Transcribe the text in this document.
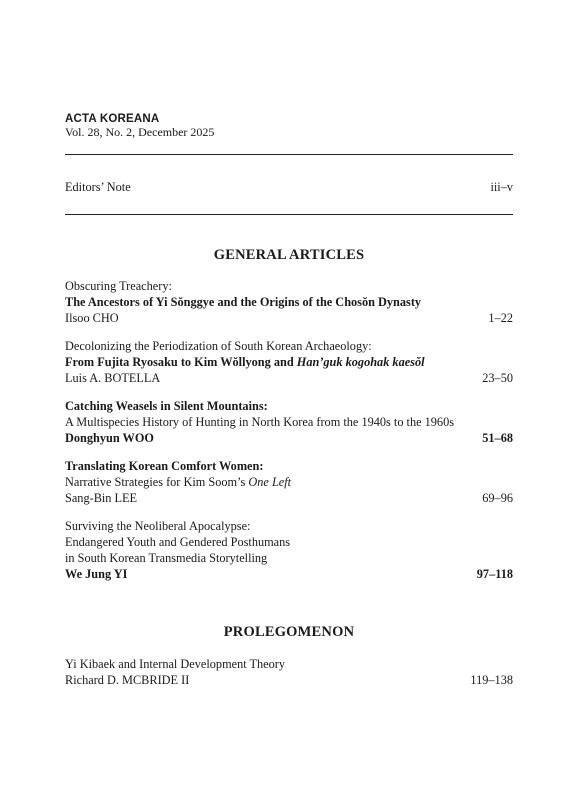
ACTA KOREANA
Vol. 28, No. 2, December 2025
Editors’ Note	iii–v
GENERAL ARTICLES
Obscuring Treachery:
The Ancestors of Yi Sŏnggye and the Origins of the Chosŏn Dynasty
Ilsoo CHO	1–22
Decolonizing the Periodization of South Korean Archaeology:
From Fujita Ryosaku to Kim Wŏllyong and Han’guk kogohak kaesŏl
Luis A. BOTELLA	23–50
Catching Weasels in Silent Mountains:
A Multispecies History of Hunting in North Korea from the 1940s to the 1960s
Donghyun WOO	51–68
Translating Korean Comfort Women:
Narrative Strategies for Kim Soom’s One Left
Sang-Bin LEE	69–96
Surviving the Neoliberal Apocalypse:
Endangered Youth and Gendered Posthumans
in South Korean Transmedia Storytelling
We Jung YI	97–118
PROLEGOMENON
Yi Kibaek and Internal Development Theory
Richard D. MCBRIDE II	119–138
